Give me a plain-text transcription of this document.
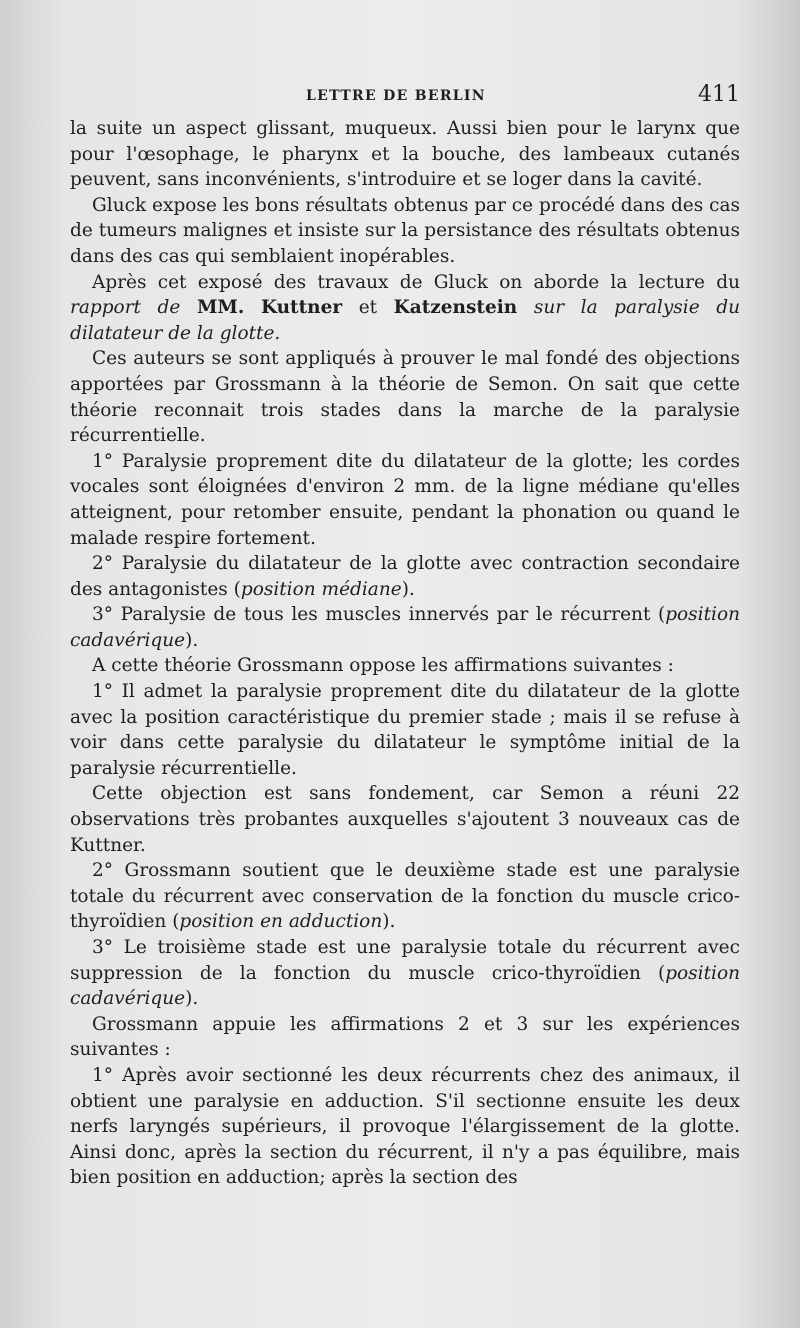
LETTRE DE BERLIN	411

la suite un aspect glissant, muqueux. Aussi bien pour le larynx que pour l'œsophage, le pharynx et la bouche, des lambeaux cutanés peuvent, sans inconvénients, s'introduire et se loger dans la cavité.

Gluck expose les bons résultats obtenus par ce procédé dans des cas de tumeurs malignes et insiste sur la persistance des résultats obtenus dans des cas qui semblaient inopérables.

Après cet exposé des travaux de Gluck on aborde la lecture du rapport de MM. Kuttner et Katzenstein sur la paralysie du dilatateur de la glotte.

Ces auteurs se sont appliqués à prouver le mal fondé des objections apportées par Grossmann à la théorie de Semon. On sait que cette théorie reconnait trois stades dans la marche de la paralysie récurrentielle.

1° Paralysie proprement dite du dilatateur de la glotte; les cordes vocales sont éloignées d'environ 2 mm. de la ligne médiane qu'elles atteignent, pour retomber ensuite, pendant la phonation ou quand le malade respire fortement.

2° Paralysie du dilatateur de la glotte avec contraction secondaire des antagonistes (position médiane).

3° Paralysie de tous les muscles innervés par le récurrent (position cadavérique).

A cette théorie Grossmann oppose les affirmations suivantes :

1° Il admet la paralysie proprement dite du dilatateur de la glotte avec la position caractéristique du premier stade ; mais il se refuse à voir dans cette paralysie du dilatateur le symptôme initial de la paralysie récurrentielle.

Cette objection est sans fondement, car Semon a réuni 22 observations très probantes auxquelles s'ajoutent 3 nouveaux cas de Kuttner.

2° Grossmann soutient que le deuxième stade est une paralysie totale du récurrent avec conservation de la fonction du muscle crico-thyroïdien (position en adduction).

3° Le troisième stade est une paralysie totale du récurrent avec suppression de la fonction du muscle crico-thyroïdien (position cadavérique).

Grossmann appuie les affirmations 2 et 3 sur les expériences suivantes :

1° Après avoir sectionné les deux récurrents chez des animaux, il obtient une paralysie en adduction. S'il sectionne ensuite les deux nerfs laryngés supérieurs, il provoque l'élargissement de la glotte. Ainsi donc, après la section du récurrent, il n'y a pas équilibre, mais bien position en adduction; après la section des
